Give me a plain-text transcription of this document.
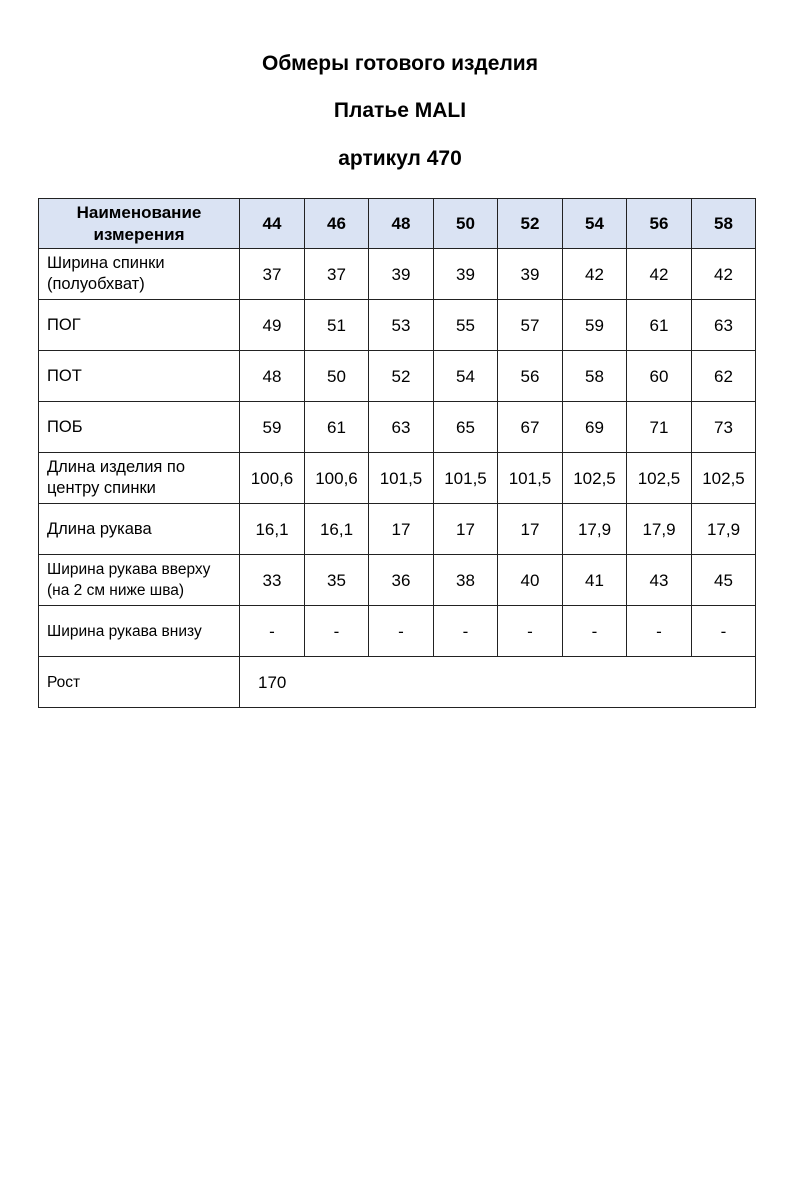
Обмеры готового изделия
Платье MALI
артикул 470
Наименование измерения	44	46	48	50	52	54	56	58
Ширина спинки (полуобхват)	37	37	39	39	39	42	42	42
ПОГ	49	51	53	55	57	59	61	63
ПОТ	48	50	52	54	56	58	60	62
ПОБ	59	61	63	65	67	69	71	73
Длина изделия по центру спинки	100,6	100,6	101,5	101,5	101,5	102,5	102,5	102,5
Длина рукава	16,1	16,1	17	17	17	17,9	17,9	17,9
Ширина рукава вверху (на 2 см ниже шва)	33	35	36	38	40	41	43	45
Ширина рукава внизу	-	-	-	-	-	-	-	-
Рост	170							
